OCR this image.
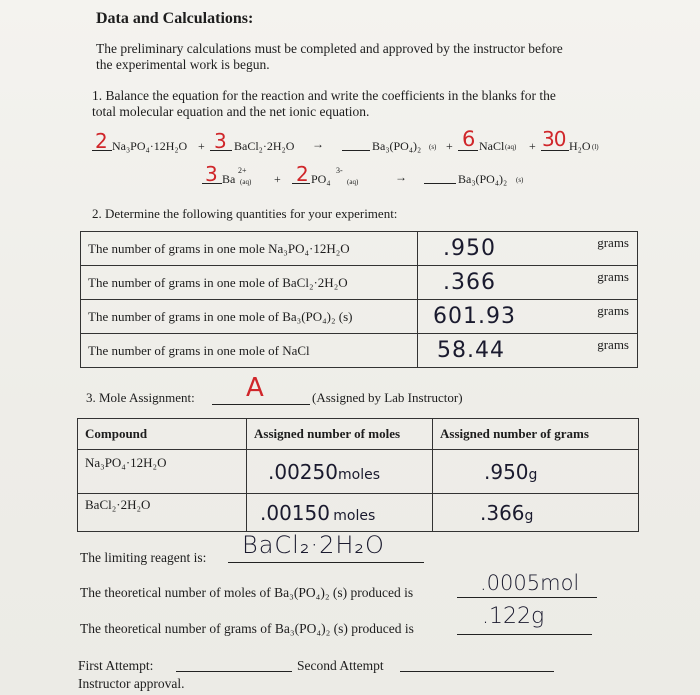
Data and Calculations:
The preliminary calculations must be completed and approved by the instructor before
the experimental work is begun.
1. Balance the equation for the reaction and write the coefficients in the blanks for the
total molecular equation and the net ionic equation.
2 Na₃PO₄·12H₂O + 3 BaCl₂·2H₂O →	Ba₃(PO₄)₂ (s) + 6 NaCl (aq) + 30 H₂O (l)
3 Ba
2+
(aq) + 2 PO₄
3-
(aq)	→	Ba₃(PO₄)₂ (s)
2. Determine the following quantities for your experiment:
The number of grams in one mole Na₃PO₄·12H₂O	.950 grams

The number of grams in one mole of BaCl₂·2H₂O	.366 grams

The number of grams in one mole of Ba₃(PO₄)₂ (s)	601.93 grams

The number of grams in one mole of NaCl	58.44 grams
3. Mole Assignment: A	(Assigned by Lab Instructor)
Compound	Assigned number of moles	Assigned number of grams
Na₃PO₄·12H₂O	.00250moles	.950g
BaCl₂·2H₂O	.00150 moles	.366g
The limiting reagent is: BaCl₂·2H₂O
The theoretical number of moles of Ba₃(PO₄)₂ (s) produced is	.0005mol
The theoretical number of grams of Ba₃(PO₄)₂ (s) produced is	.122g
First Attempt:	Second Attempt
Instructor approval.
